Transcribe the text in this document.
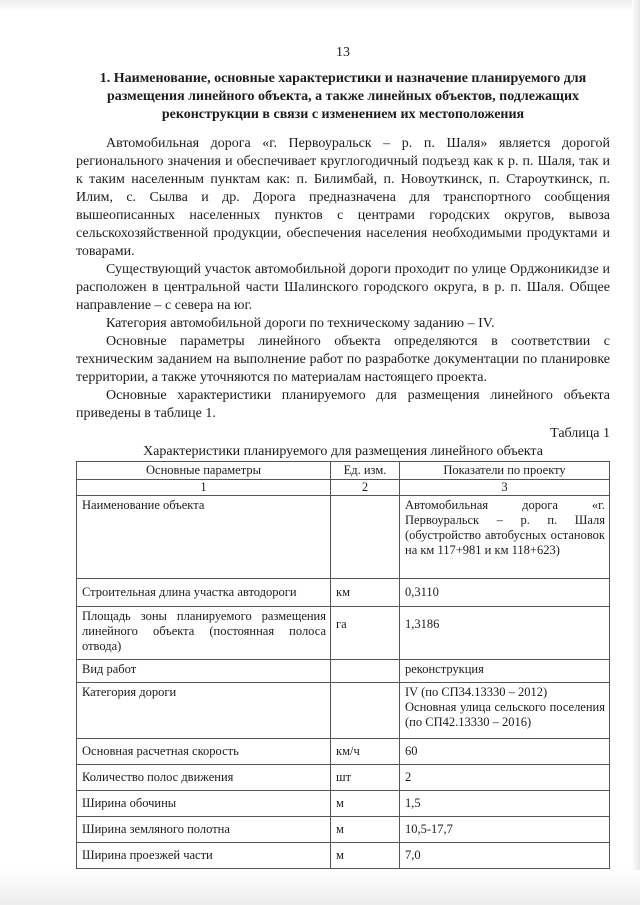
13

1. Наименование, основные характеристики и назначение планируемого для размещения линейного объекта, а также линейных объектов, подлежащих реконструкции в связи с изменением их местоположения

Автомобильная дорога «г. Первоуральск – р. п. Шаля» является дорогой регионального значения и обеспечивает круглогодичный подъезд как к р. п. Шаля, так и к таким населенным пунктам как: п. Билимбай, п. Новоуткинск, п. Староуткинск, п. Илим, с. Сылва и др. Дорога предназначена для транспортного сообщения вышеописанных населенных пунктов с центрами городских округов, вывоза сельскохозяйственной продукции, обеспечения населения необходимыми продуктами и товарами.

Существующий участок автомобильной дороги проходит по улице Орджоникидзе и расположен в центральной части Шалинского городского округа, в р. п. Шаля. Общее направление – с севера на юг.

Категория автомобильной дороги по техническому заданию – IV.

Основные параметры линейного объекта определяются в соответствии с техническим заданием на выполнение работ по разработке документации по планировке территории, а также уточняются по материалам настоящего проекта.

Основные характеристики планируемого для размещения линейного объекта приведены в таблице 1.

Таблица 1

Характеристики планируемого для размещения линейного объекта

Основные параметры	Ед. изм.	Показатели по проекту
1	2	3
Наименование объекта		Автомобильная дорога «г. Первоуральск – р. п. Шаля (обустройство автобусных остановок на км 117+981 и км 118+623)
Строительная длина участка автодороги	км	0,3110
Площадь зоны планируемого размещения линейного объекта (постоянная полоса отвода)	га	1,3186
Вид работ		реконструкция
Категория дороги		IV (по СП34.13330 – 2012)
Основная улица сельского поселения (по СП42.13330 – 2016)

Основная расчетная скорость	км/ч	60
Количество полос движения	шт	2
Ширина обочины	м	1,5
Ширина земляного полотна	м	10,5-17,7
Ширина проезжей части	м	7,0
